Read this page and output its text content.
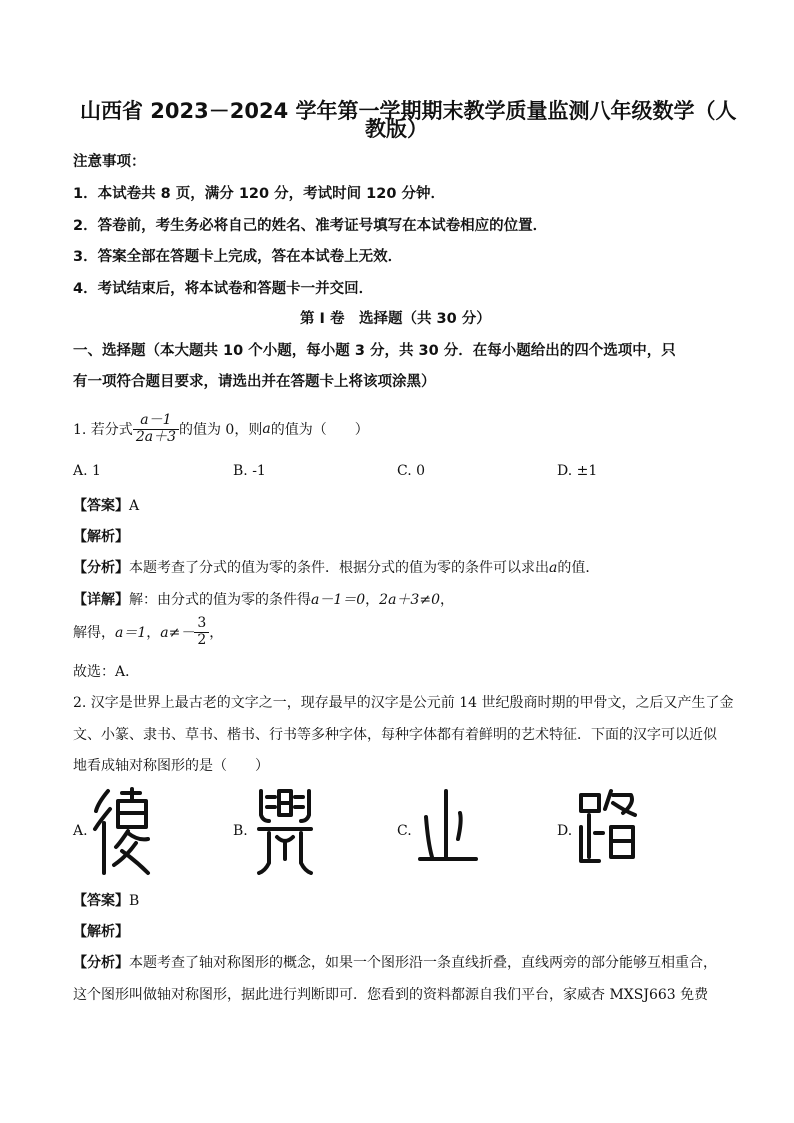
山西省 2023－2024 学年第一学期期末教学质量监测八年级数学（人
教版）
注意事项：
1．本试卷共 8 页，满分 120 分，考试时间 120 分钟．
2．答卷前，考生务必将自己的姓名、准考证号填写在本试卷相应的位置．
3．答案全部在答题卡上完成，答在本试卷上无效．
4．考试结束后，将本试卷和答题卡一并交回．
第 I 卷　选择题（共 30 分）
一、选择题（本大题共 10 个小题，每小题 3 分，共 30 分．在每小题给出的四个选项中，只
有一项符合题目要求，请选出并在答题卡上将该项涂黑）
1. 若分式 $\frac{a-1}{2a+3}$ 的值为 0，则 a 的值为（　　）
A. 1	B. -1	C. 0	D. ±1
【答案】A
【解析】
【分析】本题考查了分式的值为零的条件．根据分式的值为零的条件可以求出a的值．
【详解】解：由分式的值为零的条件得a－1＝0，2a＋3≠0，
解得， a＝1 ， $a\ne- \frac{3}{2}$ ，
故选：A．
2. 汉字是世界上最古老的文字之一，现存最早的汉字是公元前 14 世纪殷商时期的甲骨文，之后又产生了金
文、小篆、隶书、草书、楷书、行书等多种字体，每种字体都有着鲜明的艺术特征．下面的汉字可以近似
地看成轴对称图形的是（　　）
A.	B.	C.	D.
【答案】B
【解析】
【分析】本题考查了轴对称图形的概念，如果一个图形沿一条直线折叠，直线两旁的部分能够互相重合，
这个图形叫做轴对称图形，据此进行判断即可．您看到的资料都源自我们平台，家威杏 MXSJ663 免费
